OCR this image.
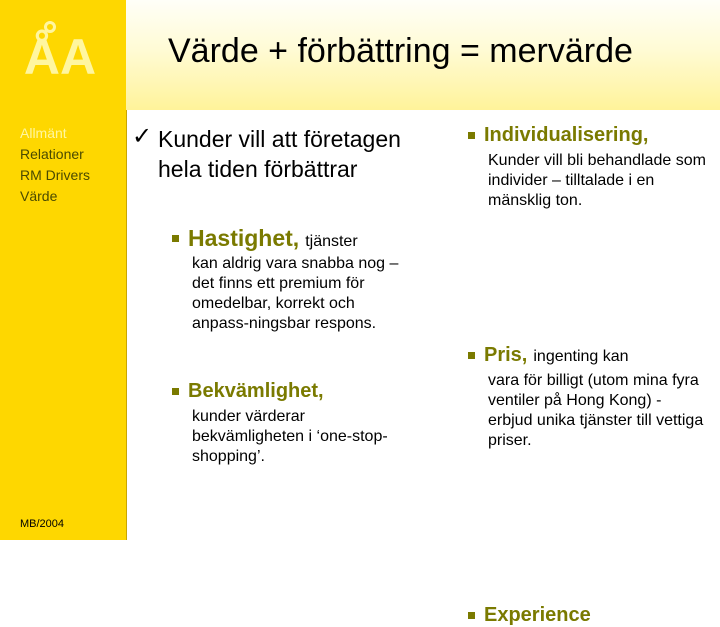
ÅA
Allmänt
Relationer
RM Drivers
Värde
MB/2004
Värde + förbättring = mervärde
✓ Kunder vill att företagen hela tiden förbättrar
Hastighet, tjänster
kan aldrig vara snabba nog – det finns ett premium för omedelbar, korrekt och anpass-ningsbar respons.
Bekvämlighet,
kunder värderar bekvämligheten i ‘one-stop-shopping’.
Individualisering,
Kunder vill bli behandlade som individer – tilltalade i en mänsklig ton.
Pris, ingenting kan
vara för billigt (utom mina fyra ventiler på Hong Kong) - erbjud unika tjänster till vettiga priser.
Experience
